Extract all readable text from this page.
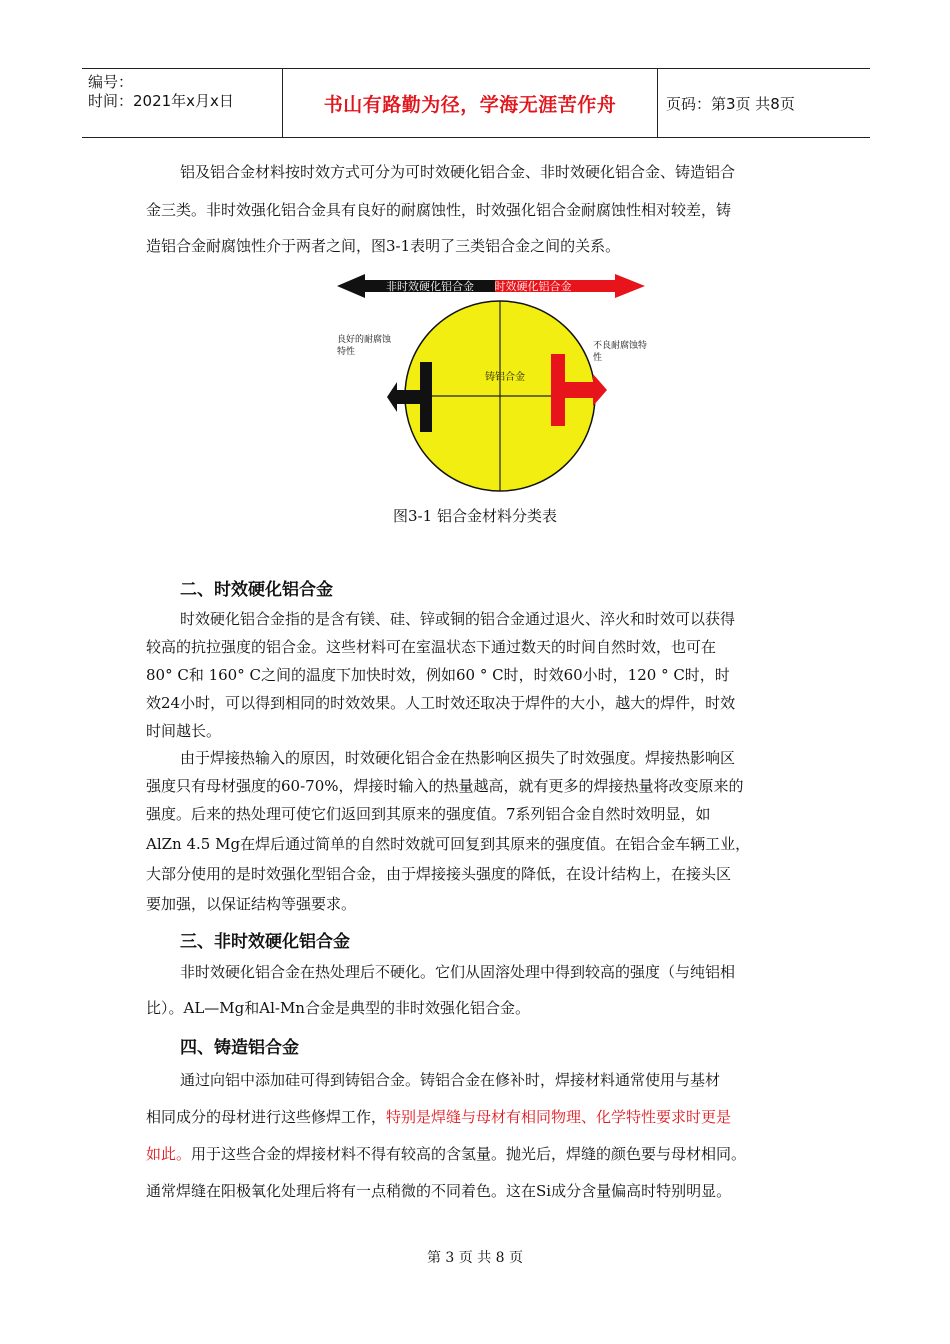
编号：
时间：2021年x月x日	书山有路勤为径，学海无涯苦作舟	页码：第3页 共8页
铝及铝合金材料按时效方式可分为可时效硬化铝合金、非时效硬化铝合金、铸造铝合
金三类。非时效强化铝合金具有良好的耐腐蚀性，时效强化铝合金耐腐蚀性相对较差，铸
造铝合金耐腐蚀性介于两者之间，图3-1表明了三类铝合金之间的关系。
非时效硬化铝合金 时效硬化铝合金
良好的耐腐蚀
特性
不良耐腐蚀特
性
铸铝合金
图3-1 铝合金材料分类表
二、时效硬化铝合金
时效硬化铝合金指的是含有镁、硅、锌或铜的铝合金通过退火、淬火和时效可以获得
较高的抗拉强度的铝合金。这些材料可在室温状态下通过数天的时间自然时效，也可在
80° C和 160° C之间的温度下加快时效，例如60 ° C时，时效60小时，120 ° C时，时
效24小时，可以得到相同的时效效果。人工时效还取决于焊件的大小，越大的焊件，时效
时间越长。
由于焊接热输入的原因，时效硬化铝合金在热影响区损失了时效强度。焊接热影响区
强度只有母材强度的60-70%，焊接时输入的热量越高，就有更多的焊接热量将改变原来的
强度。后来的热处理可使它们返回到其原来的强度值。7系列铝合金自然时效明显，如
AlZn 4.5 Mg在焊后通过简单的自然时效就可回复到其原来的强度值。在铝合金车辆工业，
大部分使用的是时效强化型铝合金，由于焊接接头强度的降低，在设计结构上，在接头区
要加强，以保证结构等强要求。
三、非时效硬化铝合金
非时效硬化铝合金在热处理后不硬化。它们从固溶处理中得到较高的强度（与纯铝相
比）。AL—Mg和Al-Mn合金是典型的非时效强化铝合金。
四、铸造铝合金
通过向铝中添加硅可得到铸铝合金。铸铝合金在修补时，焊接材料通常使用与基材
相同成分的母材进行这些修焊工作，特别是焊缝与母材有相同物理、化学特性要求时更是
如此。用于这些合金的焊接材料不得有较高的含氢量。抛光后，焊缝的颜色要与母材相同。
通常焊缝在阳极氧化处理后将有一点稍微的不同着色。这在Si成分含量偏高时特别明显。
第 3 页 共 8 页
